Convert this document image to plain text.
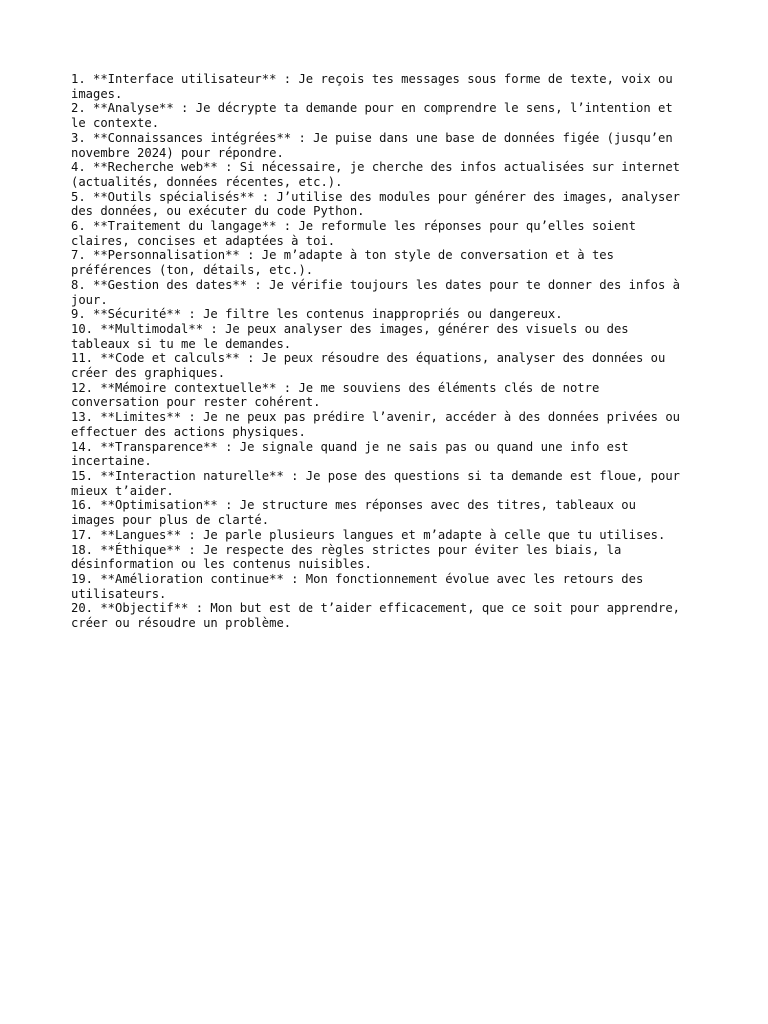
1. **Interface utilisateur** : Je reçois tes messages sous forme de texte, voix ou
images.
2. **Analyse** : Je décrypte ta demande pour en comprendre le sens, l’intention et
le contexte.
3. **Connaissances intégrées** : Je puise dans une base de données figée (jusqu’en
novembre 2024) pour répondre.
4. **Recherche web** : Si nécessaire, je cherche des infos actualisées sur internet
(actualités, données récentes, etc.).
5. **Outils spécialisés** : J’utilise des modules pour générer des images, analyser
des données, ou exécuter du code Python.
6. **Traitement du langage** : Je reformule les réponses pour qu’elles soient
claires, concises et adaptées à toi.
7. **Personnalisation** : Je m’adapte à ton style de conversation et à tes
préférences (ton, détails, etc.).
8. **Gestion des dates** : Je vérifie toujours les dates pour te donner des infos à
jour.
9. **Sécurité** : Je filtre les contenus inappropriés ou dangereux.
10. **Multimodal** : Je peux analyser des images, générer des visuels ou des
tableaux si tu me le demandes.
11. **Code et calculs** : Je peux résoudre des équations, analyser des données ou
créer des graphiques.
12. **Mémoire contextuelle** : Je me souviens des éléments clés de notre
conversation pour rester cohérent.
13. **Limites** : Je ne peux pas prédire l’avenir, accéder à des données privées ou
effectuer des actions physiques.
14. **Transparence** : Je signale quand je ne sais pas ou quand une info est
incertaine.
15. **Interaction naturelle** : Je pose des questions si ta demande est floue, pour
mieux t’aider.
16. **Optimisation** : Je structure mes réponses avec des titres, tableaux ou
images pour plus de clarté.
17. **Langues** : Je parle plusieurs langues et m’adapte à celle que tu utilises.
18. **Éthique** : Je respecte des règles strictes pour éviter les biais, la
désinformation ou les contenus nuisibles.
19. **Amélioration continue** : Mon fonctionnement évolue avec les retours des
utilisateurs.
20. **Objectif** : Mon but est de t’aider efficacement, que ce soit pour apprendre,
créer ou résoudre un problème.
